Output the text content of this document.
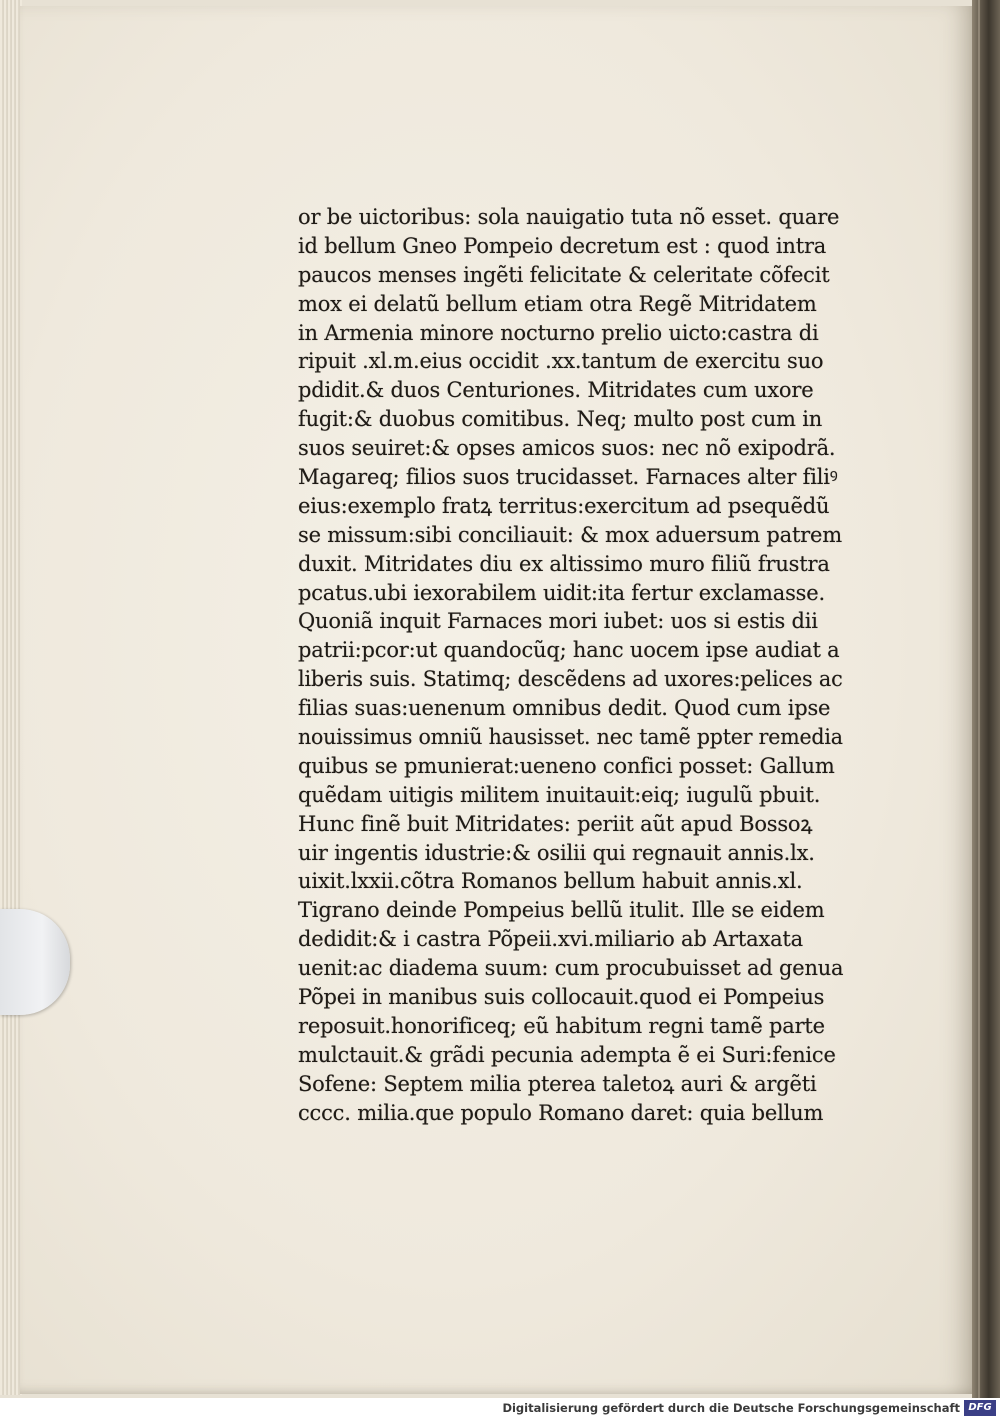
or be uictoribus: sola nauigatio tuta nõ esset. quare
id bellum Gneo Pompeio decretum est : quod intra
paucos menses ingẽti felicitate & celeritate cõfecit
mox ei delatũ bellum etiam otra Regẽ Mitridatem
in Armenia minore nocturno prelio uicto:castra di
ripuit .xl.m.eius occidit .xx.tantum de exercitu suo
pdidit.& duos Centuriones. Mitridates cum uxore
fugit:& duobus comitibus. Neq; multo post cum in
suos seuiret:& opses amicos suos: nec nõ exipodrã.
Magareq; filios suos trucidasset. Farnaces alter filiꝰ
eius:exemplo fratꝝ territus:exercitum ad psequẽdũ
se missum:sibi conciliauit: & mox aduersum patrem
duxit. Mitridates diu ex altissimo muro filiũ frustra
pcatus.ubi iexorabilem uidit:ita fertur exclamasse.
Quoniã inquit Farnaces mori iubet: uos si estis dii
patrii:pcor:ut quandocũq; hanc uocem ipse audiat a
liberis suis. Statimq; descẽdens ad uxores:pelices ac
filias suas:uenenum omnibus dedit. Quod cum ipse
nouissimus omniũ hausisset. nec tamẽ ppter remedia
quibus se pmunierat:ueneno confici posset: Gallum
quẽdam uitigis militem inuitauit:eiq; iugulũ pbuit.
Hunc finẽ buit Mitridates: periit aũt apud Bossoꝝ
uir ingentis idustrie:& osilii qui regnauit annis.lx.
uixit.lxxii.cõtra Romanos bellum habuit annis.xl.
Tigrano deinde Pompeius bellũ itulit. Ille se eidem
dedidit:& i castra Põpeii.xvi.miliario ab Artaxata
uenit:ac diadema suum: cum procubuisset ad genua
Põpei in manibus suis collocauit.quod ei Pompeius
reposuit.honorificeq; eũ habitum regni tamẽ parte
mulctauit.& grãdi pecunia adempta ẽ ei Suri:fenice
Sofene: Septem milia pterea taletoꝝ auri & argẽti
cccc. milia.que populo Romano daret: quia bellum
Digitalisierung gefördert durch die Deutsche Forschungsgemeinschaft DFG
